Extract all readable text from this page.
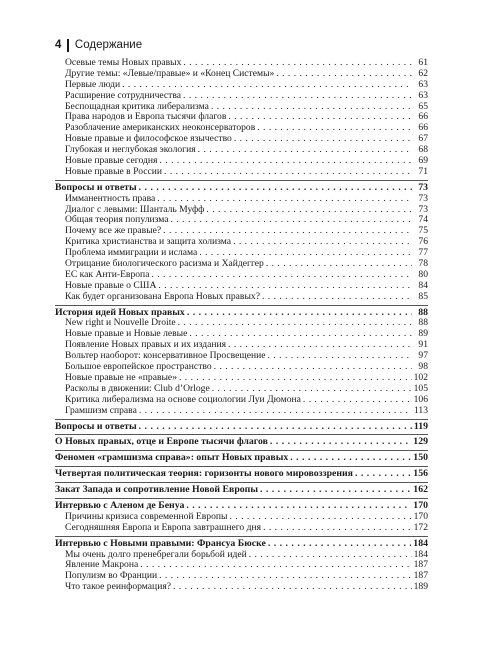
4 Содержание
Осевые темы Новых правых . . .	61
Другие темы: «Левые/правые» и «Конец Системы» . . .	62
Первые люди . . .	63
Расширение сотрудничества . . .	63
Беспощадная критика либерализма . . .	65
Права народов и Европа тысячи флагов . . .	66
Разоблачение американских неоконсерваторов . . .	66
Новые правые и философское язычество . . .	67
Глубокая и неглубокая экология . . .	68
Новые правые сегодня . . .	69
Новые правые в России . . .	71
Вопросы и ответы . . .	73
Имманентность права . . .	73
Диалог с левыми: Шанталь Муфф . . .	73
Общая теория популизма . . .	74
Почему все же правые? . . .	75
Критика христианства и защита холизма . . .	76
Проблема иммиграции и ислама . . .	77
Отрицание биологического расизма и Хайдеггер . . .	78
ЕС как Анти-Европа . . .	80
Новые правые о США . . .	84
Как будет организована Европа Новых правых? . . .	85
История идей Новых правых . . .	88
New right и Nouvelle Droite . . .	88
Новые правые и Новые левые . . .	89
Появление Новых правых и их издания . . .	91
Вольтер наоборот: консервативное Просвещение . . .	97
Большое европейское пространство . . .	98
Новые правые не «правые» . . .	102
Расколы в движении: Club d’Orloge . . .	105
Критика либерализма на основе социологии Луи Дюмона . . .	106
Грамшизм справа . . .	113
Вопросы и ответы . . .	119
О Новых правых, отце и Европе тысячи флагов . . .	129
Феномен «грамшизма справа»: опыт Новых правых . . .	150
Четвертая политическая теория: горизонты нового мировоззрения . . .	156
Закат Запада и сопротивление Новой Европы . . .	162
Интервью с Аленом де Бенуа . . .	170
Причины кризиса современной Европы . . .	170
Сегодняшняя Европа и Европа завтрашнего дня . . .	172
Интервью с Новыми правыми: Франсуа Бюске . . .	184
Мы очень долго пренебрегали борьбой идей . . .	184
Явление Макрона . . .	187
Популизм во Франции . . .	187
Что такое реинформация? . . .	189
